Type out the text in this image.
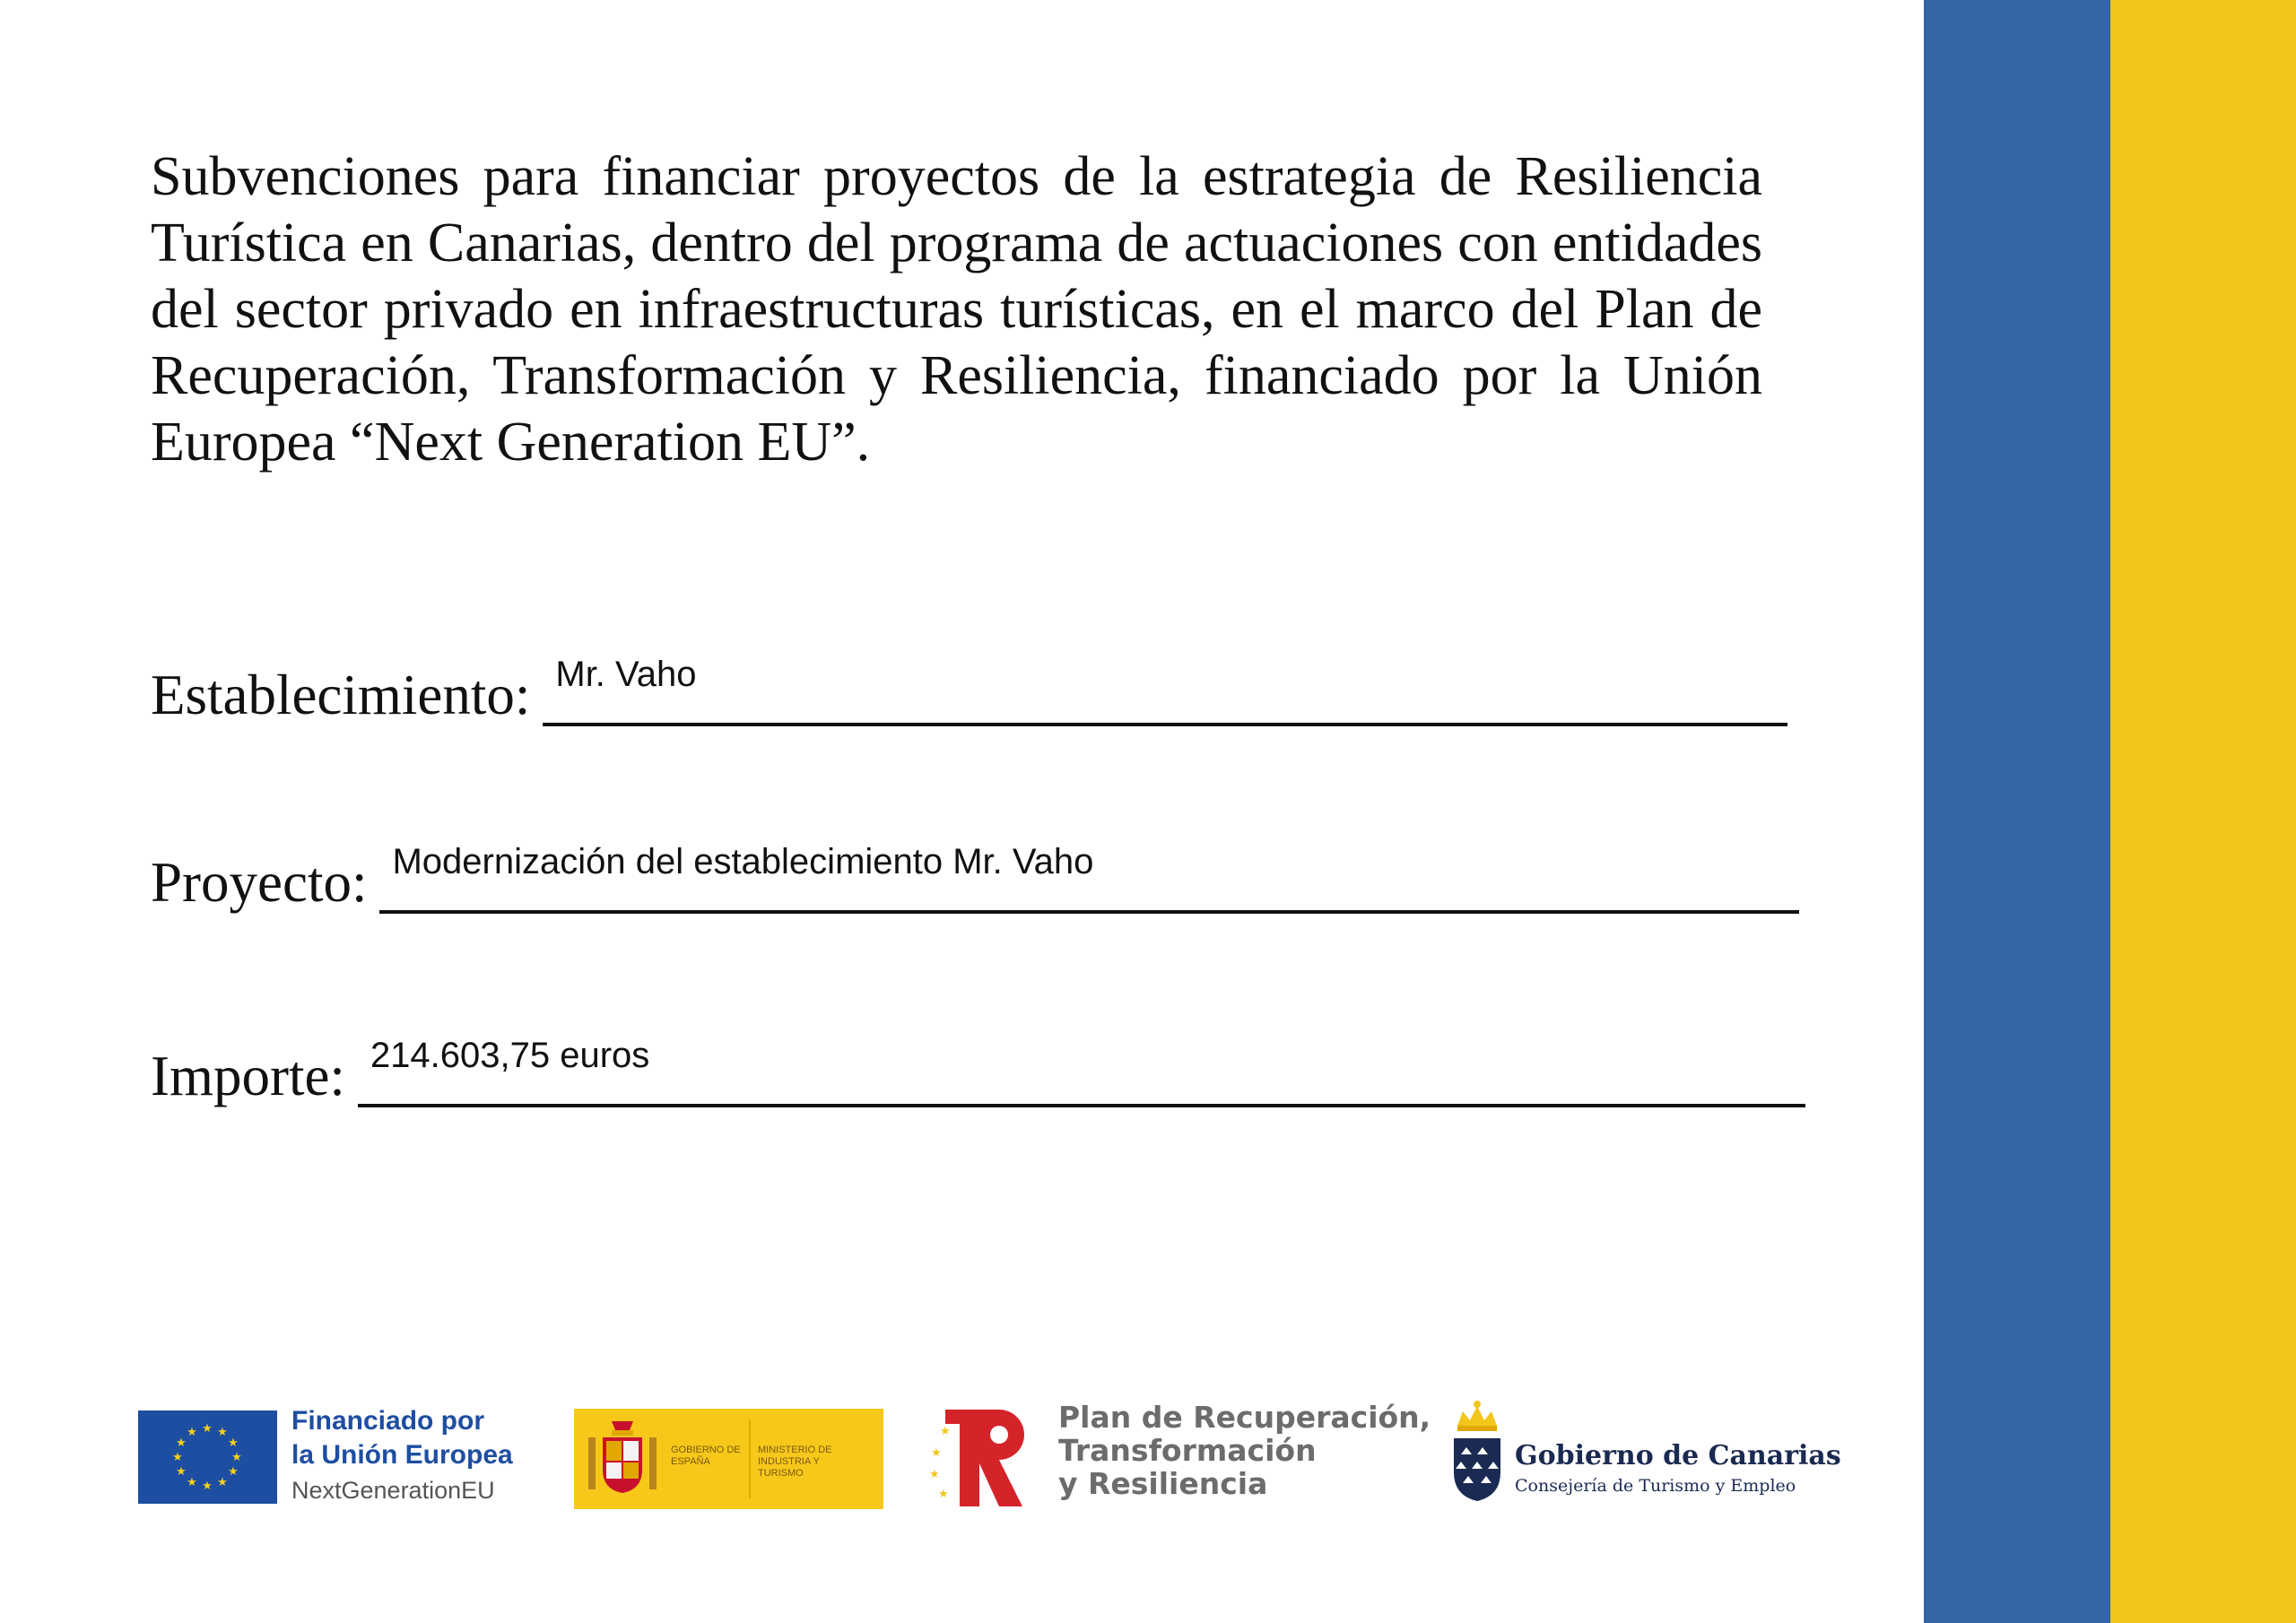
Subvenciones para financiar proyectos de la estrategia de Resiliencia Turística en Canarias, dentro del programa de actuaciones con entidades del sector privado en infraestructuras turísticas, en el marco del Plan de Recuperación, Transformación y Resiliencia, financiado por la Unión Europea “Next Generation EU”.

Establecimiento: Mr. Vaho
Proyecto: Modernización del establecimiento Mr. Vaho
Importe: 214.603,75 euros
★ ★
★
★
★
★
★
★
★
★
★
★	Financiado por
la Unión Europea
NextGenerationEU
GOBIERNO DE ESPAÑA
MINISTERIO DE INDUSTRIA Y TURISMO
★
★
★
★
Plan de Recuperación,
Transformación
y Resiliencia
Gobierno de Canarias
Consejería de Turismo y Empleo
